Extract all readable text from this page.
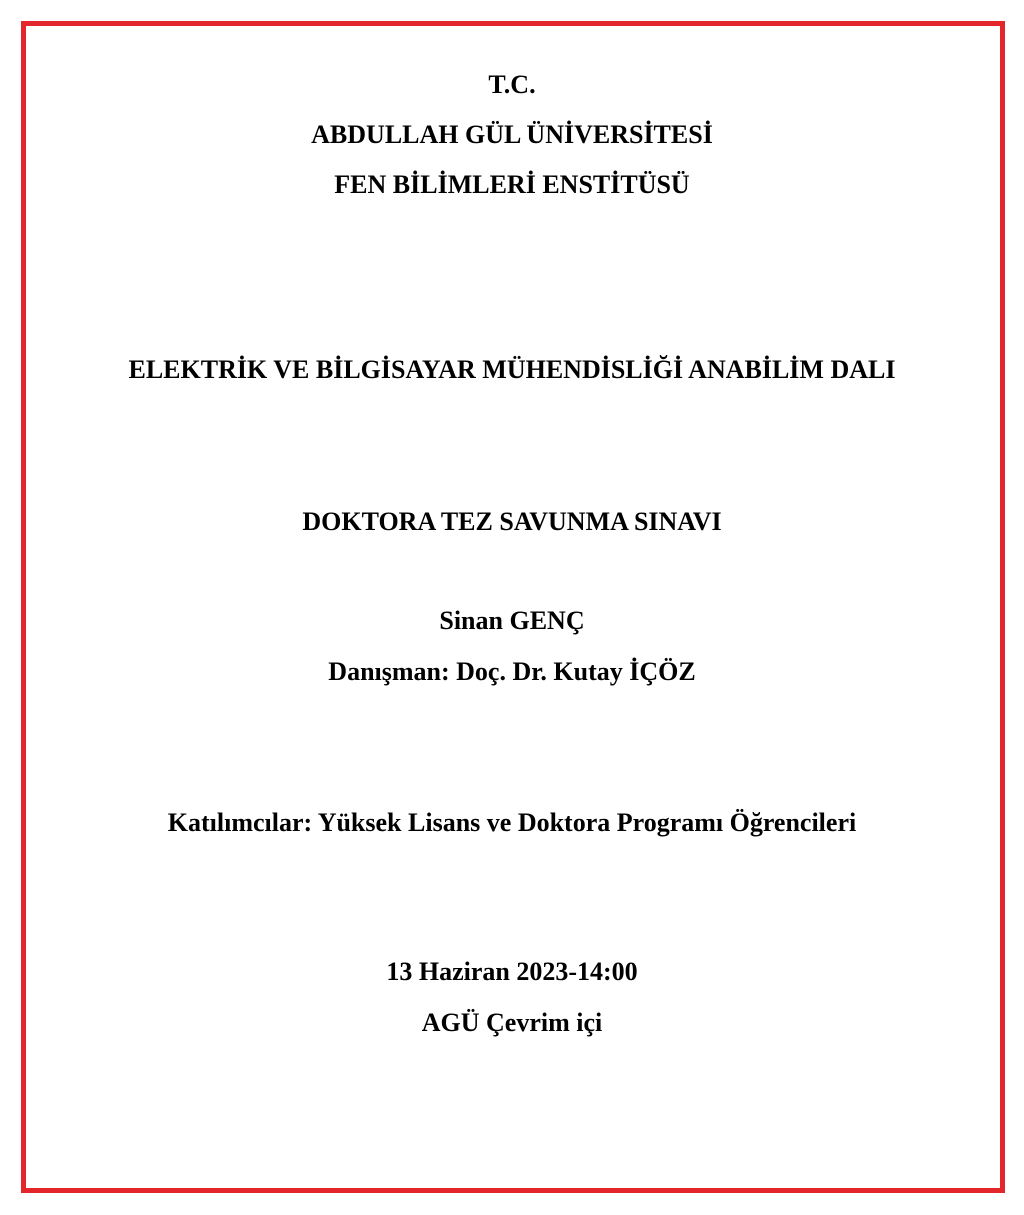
T.C.
ABDULLAH GÜL ÜNİVERSİTESİ
FEN BİLİMLERİ ENSTİTÜSÜ
ELEKTRİK VE BİLGİSAYAR MÜHENDİSLİĞİ ANABİLİM DALI
DOKTORA TEZ SAVUNMA SINAVI
Sinan GENÇ
Danışman: Doç. Dr. Kutay İÇÖZ
Katılımcılar: Yüksek Lisans ve Doktora Programı Öğrencileri
13 Haziran 2023-14:00
AGÜ Çevrim içi
